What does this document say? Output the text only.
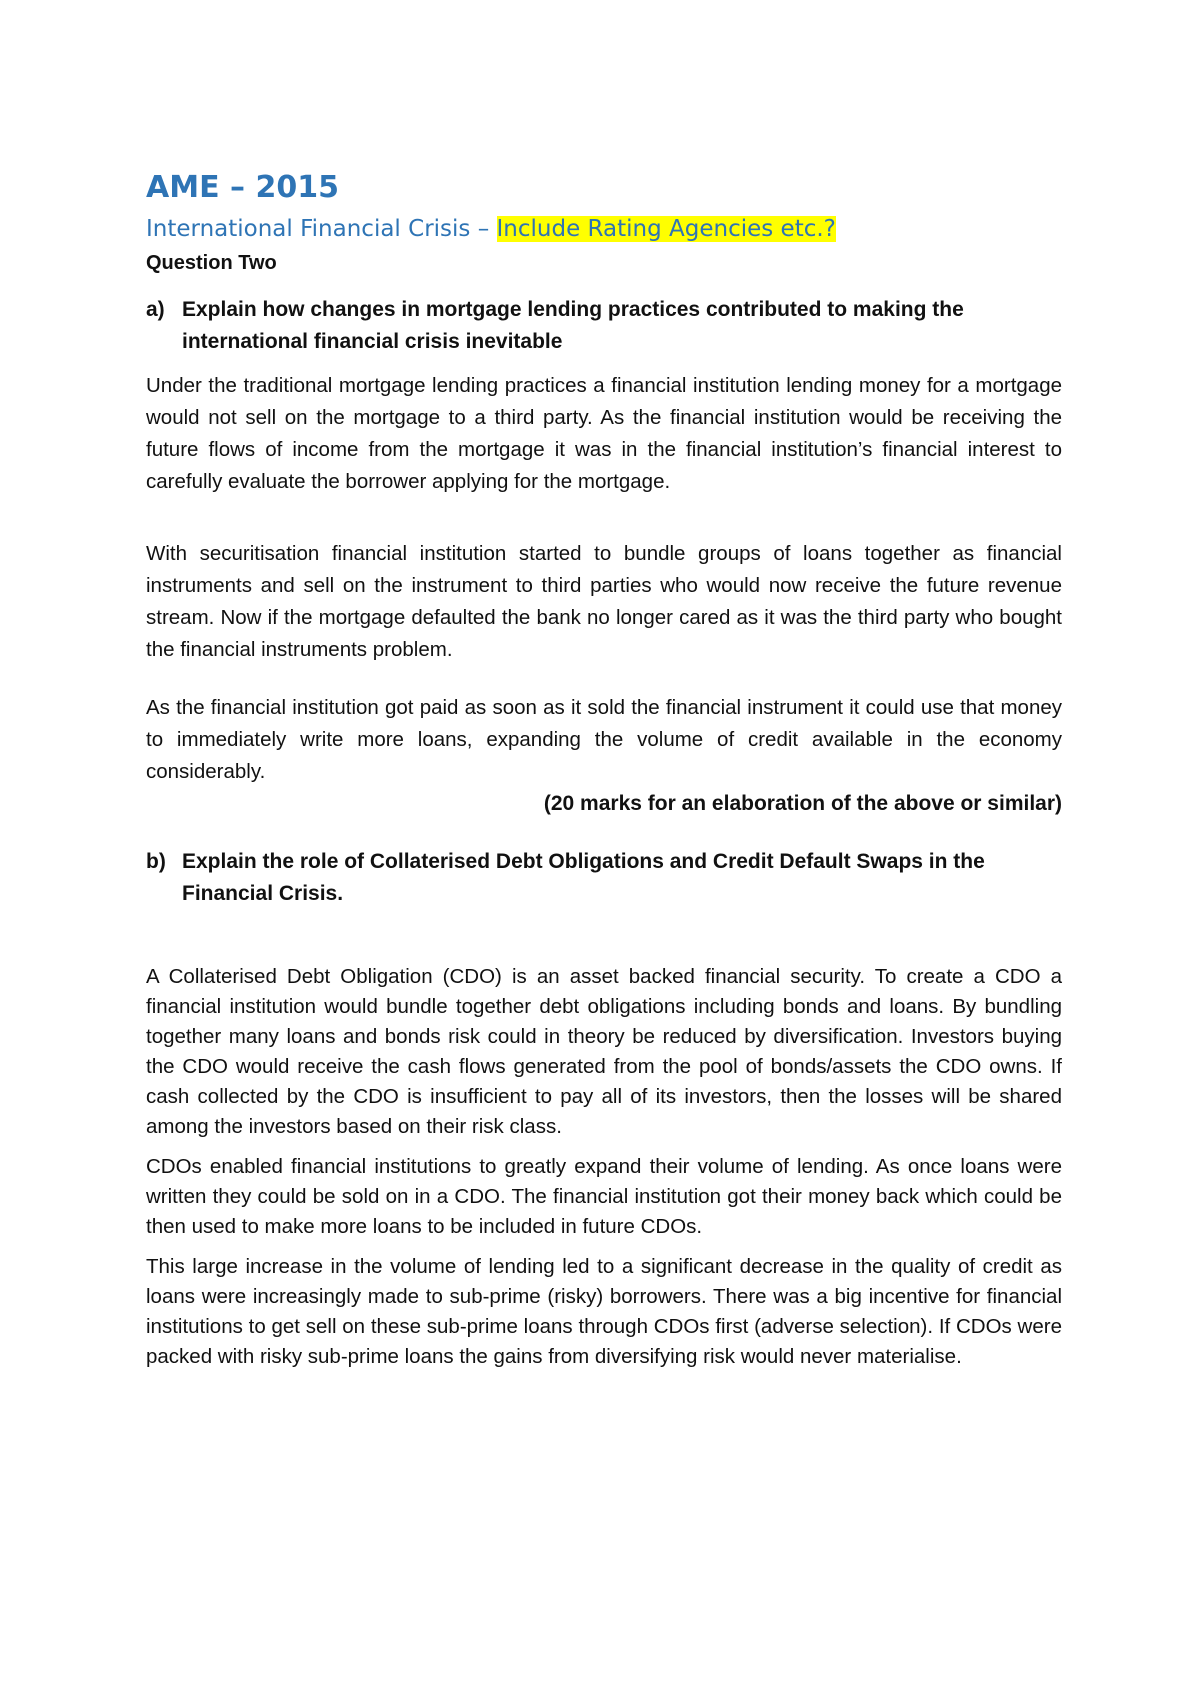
AME – 2015
International Financial Crisis – Include Rating Agencies etc.?
Question Two
a) Explain how changes in mortgage lending practices contributed to making the international financial crisis inevitable

Under the traditional mortgage lending practices a financial institution lending money for a mortgage would not sell on the mortgage to a third party. As the financial institution would be receiving the future flows of income from the mortgage it was in the financial institution’s financial interest to carefully evaluate the borrower applying for the mortgage.

With securitisation financial institution started to bundle groups of loans together as financial instruments and sell on the instrument to third parties who would now receive the future revenue stream. Now if the mortgage defaulted the bank no longer cared as it was the third party who bought the financial instruments problem.

As the financial institution got paid as soon as it sold the financial instrument it could use that money to immediately write more loans, expanding the volume of credit available in the economy considerably.

(20 marks for an elaboration of the above or similar)

b) Explain the role of Collaterised Debt Obligations and Credit Default Swaps in the Financial Crisis.

A Collaterised Debt Obligation (CDO) is an asset backed financial security. To create a CDO a financial institution would bundle together debt obligations including bonds and loans. By bundling together many loans and bonds risk could in theory be reduced by diversification. Investors buying the CDO would receive the cash flows generated from the pool of bonds/assets the CDO owns. If cash collected by the CDO is insufficient to pay all of its investors, then the losses will be shared among the investors based on their risk class.

CDOs enabled financial institutions to greatly expand their volume of lending. As once loans were written they could be sold on in a CDO. The financial institution got their money back which could be then used to make more loans to be included in future CDOs.

This large increase in the volume of lending led to a significant decrease in the quality of credit as loans were increasingly made to sub-prime (risky) borrowers. There was a big incentive for financial institutions to get sell on these sub-prime loans through CDOs first (adverse selection). If CDOs were packed with risky sub-prime loans the gains from diversifying risk would never materialise.
